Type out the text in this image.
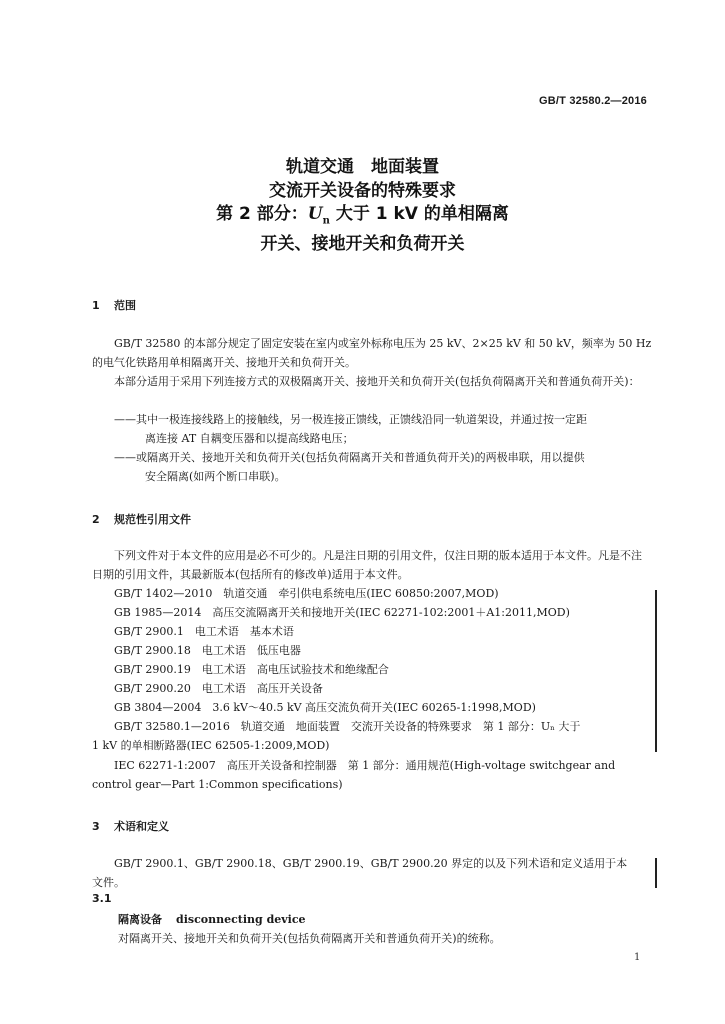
GB/T 32580.2—2016
轨道交通　地面装置
交流开关设备的特殊要求
第 2 部分：$U_n$ 大于 1 kV 的单相隔离
开关、接地开关和负荷开关
1 范围
GB/T 32580 的本部分规定了固定安装在室内或室外标称电压为 25 kV、2×25 kV 和 50 kV，频率为 50 Hz 的电气化铁路用单相隔离开关、接地开关和负荷开关。
本部分适用于采用下列连接方式的双极隔离开关、接地开关和负荷开关(包括负荷隔离开关和普通负荷开关)：
——其中一极连接线路上的接触线，另一极连接正馈线，正馈线沿同一轨道架设，并通过按一定距
离连接 AT 自耦变压器和以提高线路电压；
——或隔离开关、接地开关和负荷开关(包括负荷隔离开关和普通负荷开关)的两极串联，用以提供
安全隔离(如两个断口串联)。
2 规范性引用文件
下列文件对于本文件的应用是必不可少的。凡是注日期的引用文件，仅注日期的版本适用于本文件。凡是不注日期的引用文件，其最新版本(包括所有的修改单)适用于本文件。
GB/T 1402—2010　轨道交通　牵引供电系统电压(IEC 60850:2007,MOD)
GB 1985—2014　高压交流隔离开关和接地开关(IEC 62271-102:2001＋A1:2011,MOD)
GB/T 2900.1　电工术语　基本术语
GB/T 2900.18　电工术语　低压电器
GB/T 2900.19　电工术语　高电压试验技术和绝缘配合
GB/T 2900.20　电工术语　高压开关设备
GB 3804—2004　3.6 kV～40.5 kV 高压交流负荷开关(IEC 60265-1:1998,MOD)
GB/T 32580.1—2016　轨道交通　地面装置　交流开关设备的特殊要求　第 1 部分：Uₙ 大于
1 kV 的单相断路器(IEC 62505-1:2009,MOD)
IEC 62271-1:2007　高压开关设备和控制器　第 1 部分：通用规范(High-voltage switchgear and
control gear—Part 1:Common specifications)
3 术语和定义
GB/T 2900.1、GB/T 2900.18、GB/T 2900.19、GB/T 2900.20 界定的以及下列术语和定义适用于本
文件。
3.1
隔离设备 disconnecting device
对隔离开关、接地开关和负荷开关(包括负荷隔离开关和普通负荷开关)的统称。
1
